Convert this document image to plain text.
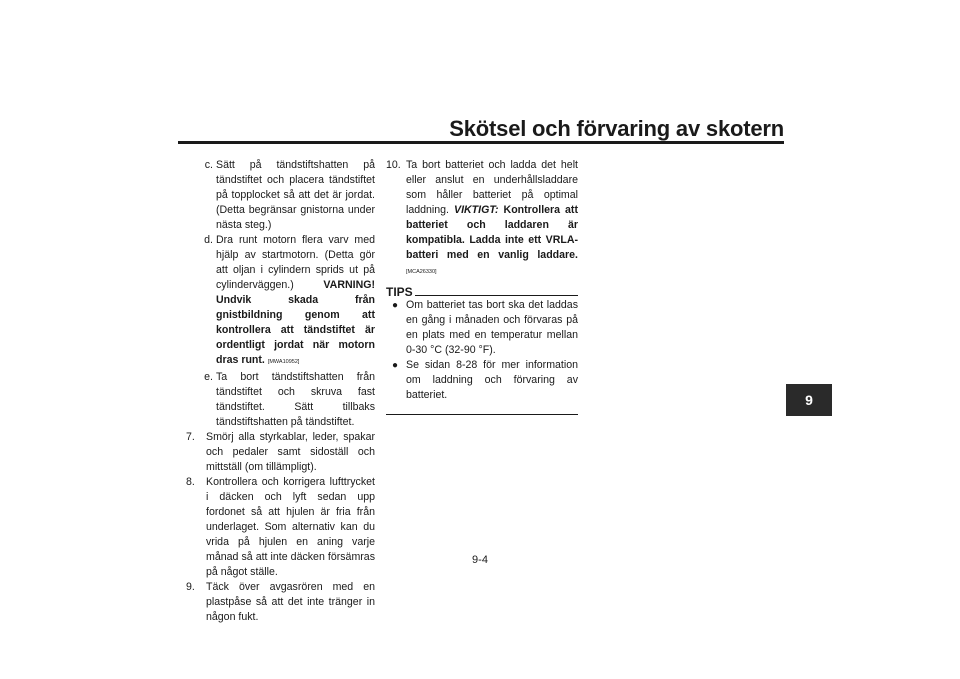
Skötsel och förvaring av skotern
9

c. Sätt på tändstiftshatten på tändstiftet och placera tändstiftet på topplocket så att det är jordat. (Detta begränsar gnistorna under nästa steg.)

d. Dra runt motorn flera varv med hjälp av startmotorn. (Detta gör att oljan i cylindern sprids ut på cylinderväggen.)	VARNING! Undvik skada från gnistbildning genom att kontrollera att tändstiftet är ordentligt jordat när motorn dras runt. [MWA10952]

e. Ta bort tändstiftshatten från tändstiftet och skruva fast tändstiftet. Sätt tillbaks tändstiftshatten på tändstiftet.

7.	Smörj alla styrkablar, leder, spakar och pedaler samt sidoställ och mittställ (om tillämpligt).

8.	Kontrollera och korrigera lufttrycket i däcken och lyft sedan upp fordonet så att hjulen är fria från underlaget. Som alternativ kan du vrida på hjulen en aning varje månad så att inte däcken försämras på något ställe.

9.	Täck över avgasrören med en plastpåse så att det inte tränger in någon fukt.

10. Ta bort batteriet och ladda det helt eller anslut en underhållsladdare som håller batteriet på optimal laddning. VIKTIGT: Kontrollera att batteriet och laddaren är kompatibla. Ladda inte ett VRLA-batteri med en vanlig laddare. [MCA26330]

TIPS

● Om batteriet tas bort ska det laddas en gång i månaden och förvaras på en plats med en temperatur mellan 0-30 °C (32-90 °F).

● Se sidan 8-28 för mer information om laddning och förvaring av batteriet.

9-4
